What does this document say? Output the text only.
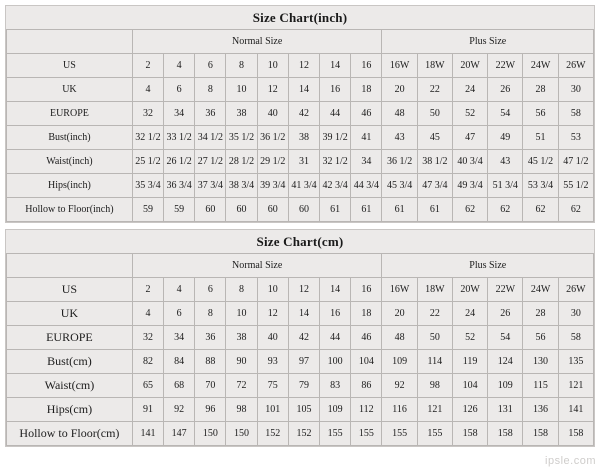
Size Chart(inch)
	Normal Size								Plus Size					
US	2	4	6	8	10	12	14	16	16W	18W	20W	22W	24W	26W
UK	4	6	8	10	12	14	16	18	20	22	24	26	28	30
EUROPE	32	34	36	38	40	42	44	46	48	50	52	54	56	58
Bust(inch)	32 1/2	33 1/2	34 1/2	35 1/2	36 1/2	38	39 1/2	41	43	45	47	49	51	53
Waist(inch)	25 1/2	26 1/2	27 1/2	28 1/2	29 1/2	31	32 1/2	34	36 1/2	38 1/2	40 3/4	43	45 1/2	47 1/2
Hips(inch)	35 3/4	36 3/4	37 3/4	38 3/4	39 3/4	41 3/4	42 3/4	44 3/4	45 3/4	47 3/4	49 3/4	51 3/4	53 3/4	55 1/2
Hollow to Floor(inch)	59	59	60	60	60	60	61	61	61	61	62	62	62	62
Size Chart(cm)
	Normal Size								Plus Size					
US	2	4	6	8	10	12	14	16	16W	18W	20W	22W	24W	26W
UK	4	6	8	10	12	14	16	18	20	22	24	26	28	30
EUROPE	32	34	36	38	40	42	44	46	48	50	52	54	56	58
Bust(cm)	82	84	88	90	93	97	100	104	109	114	119	124	130	135
Waist(cm)	65	68	70	72	75	79	83	86	92	98	104	109	115	121
Hips(cm)	91	92	96	98	101	105	109	112	116	121	126	131	136	141
Hollow to Floor(cm)	141	147	150	150	152	152	155	155	155	155	158	158	158	158
ipsle.com
